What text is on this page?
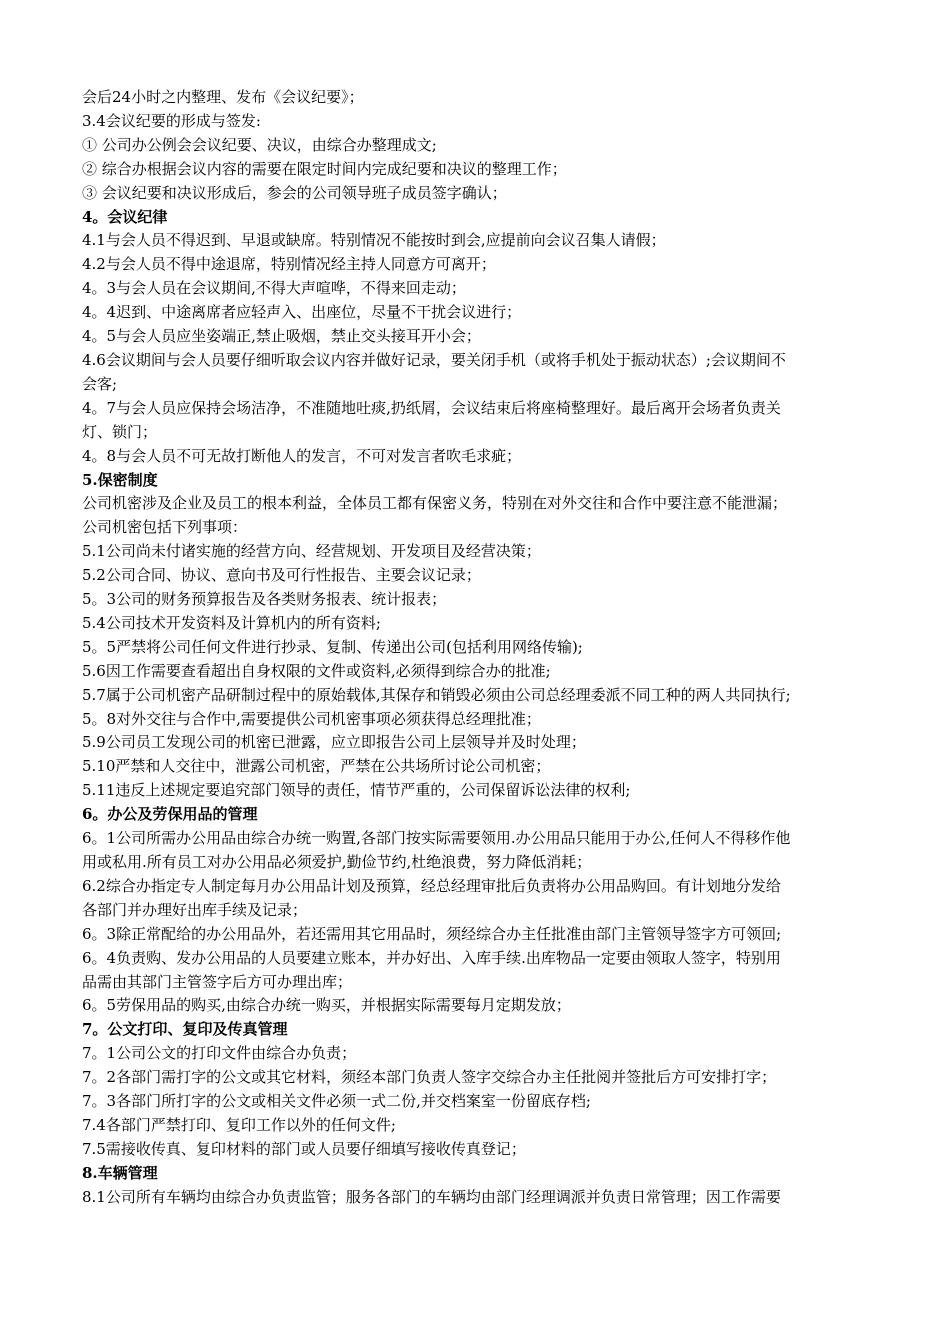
会后24小时之内整理、发布《会议纪要》；
3.4会议纪要的形成与签发:
① 公司办公例会会议纪要、决议，由综合办整理成文;
② 综合办根据会议内容的需要在限定时间内完成纪要和决议的整理工作；
③ 会议纪要和决议形成后，参会的公司领导班子成员签字确认；
4。会议纪律
4.1与会人员不得迟到、早退或缺席。特别情况不能按时到会,应提前向会议召集人请假；
4.2与会人员不得中途退席，特别情况经主持人同意方可离开；
4。3与会人员在会议期间,不得大声喧哗，不得来回走动；
4。4迟到、中途离席者应轻声入、出座位，尽量不干扰会议进行；
4。5与会人员应坐姿端正,禁止吸烟，禁止交头接耳开小会；
4.6会议期间与会人员要仔细听取会议内容并做好记录，要关闭手机（或将手机处于振动状态）;会议期间不
会客;
4。7与会人员应保持会场洁净，不准随地吐痰,扔纸屑，会议结束后将座椅整理好。最后离开会场者负责关
灯、锁门；
4。8与会人员不可无故打断他人的发言，不可对发言者吹毛求疵；
5.保密制度
公司机密涉及企业及员工的根本利益，全体员工都有保密义务，特别在对外交往和合作中要注意不能泄漏；
公司机密包括下列事项：
5.1公司尚未付诸实施的经营方向、经营规划、开发项目及经营决策；
5.2公司合同、协议、意向书及可行性报告、主要会议记录；
5。3公司的财务预算报告及各类财务报表、统计报表；
5.4公司技术开发资料及计算机内的所有资料;
5。5严禁将公司任何文件进行抄录、复制、传递出公司(包括利用网络传输);
5.6因工作需要查看超出自身权限的文件或资料,必须得到综合办的批准;
5.7属于公司机密产品研制过程中的原始载体,其保存和销毁必须由公司总经理委派不同工种的两人共同执行;
5。8对外交往与合作中,需要提供公司机密事项必须获得总经理批准；
5.9公司员工发现公司的机密已泄露，应立即报告公司上层领导并及时处理；
5.10严禁和人交往中，泄露公司机密，严禁在公共场所讨论公司机密；
5.11违反上述规定要追究部门领导的责任，情节严重的，公司保留诉讼法律的权利;
6。办公及劳保用品的管理
6。1公司所需办公用品由综合办统一购置,各部门按实际需要领用.办公用品只能用于办公,任何人不得移作他
用或私用.所有员工对办公用品必须爱护,勤俭节约,杜绝浪费，努力降低消耗；
6.2综合办指定专人制定每月办公用品计划及预算，经总经理审批后负责将办公用品购回。有计划地分发给
各部门并办理好出库手续及记录；
6。3除正常配给的办公用品外，若还需用其它用品时，须经综合办主任批准由部门主管领导签字方可领回;
6。4负责购、发办公用品的人员要建立账本，并办好出、入库手续.出库物品一定要由领取人签字，特别用
品需由其部门主管签字后方可办理出库；
6。5劳保用品的购买,由综合办统一购买，并根据实际需要每月定期发放；
7。公文打印、复印及传真管理
7。1公司公文的打印文件由综合办负责；
7。2各部门需打字的公文或其它材料，须经本部门负责人签字交综合办主任批阅并签批后方可安排打字；
7。3各部门所打字的公文或相关文件必须一式二份,并交档案室一份留底存档;
7.4各部门严禁打印、复印工作以外的任何文件;
7.5需接收传真、复印材料的部门或人员要仔细填写接收传真登记；
8.车辆管理
8.1公司所有车辆均由综合办负责监管；服务各部门的车辆均由部门经理调派并负责日常管理；因工作需要
